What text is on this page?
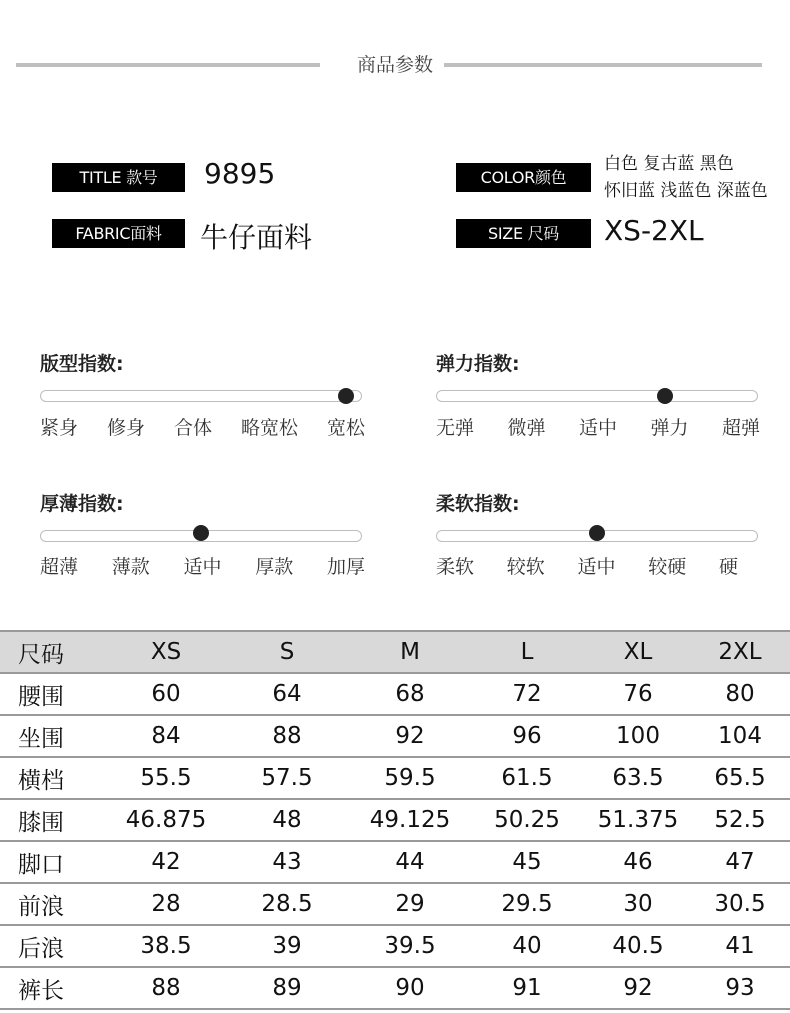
商品参数
TITLE 款号	9895
FABRIC面料	牛仔面料
COLOR颜色
白色 复古蓝 黑色
怀旧蓝 浅蓝色 深蓝色
SIZE 尺码	XS-2XL
版型指数:
紧身 修身 合体 略宽松 宽松
弹力指数:
无弹 微弹 适中 弹力 超弹
厚薄指数:
超薄 薄款 适中 厚款 加厚
柔软指数:
柔软 较软 适中 较硬 硬
尺码	XS	S	M	L	XL	2XL
腰围	60	64	68	72	76	80
坐围	84	88	92	96	100	104
横档	55.5	57.5	59.5	61.5	63.5	65.5
膝围	46.875	48	49.125	50.25	51.375	52.5
脚口	42	43	44	45	46	47
前浪	28	28.5	29	29.5	30	30.5
后浪	38.5	39	39.5	40	40.5	41
裤长	88	89	90	91	92	93
